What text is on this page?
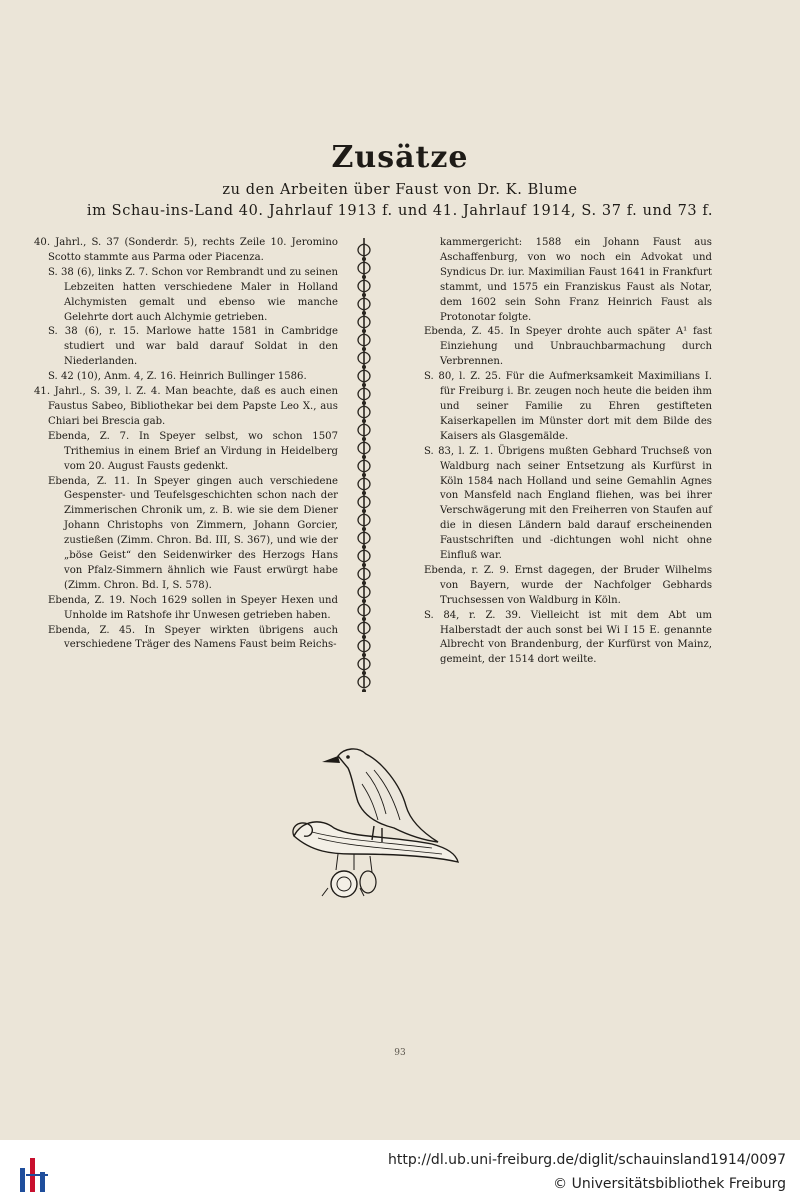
Zusätze
zu den Arbeiten über Faust von Dr. K. Blume
im Schau-ins-Land 40. Jahrlauf 1913 f. und 41. Jahrlauf 1914, S. 37 f. und 73 f.

40. Jahrl., S. 37 (Sonderdr. 5), rechts Zeile 10. Jeromino Scotto stammte aus Parma oder Piacenza.

S. 38 (6), links Z. 7. Schon vor Rembrandt und zu seinen Lebzeiten hatten verschiedene Maler in Holland Alchymisten gemalt und ebenso wie manche Gelehrte dort auch Alchymie getrieben.

S. 38 (6), r. 15. Marlowe hatte 1581 in Cambridge studiert und war bald darauf Soldat in den Niederlanden.

S. 42 (10), Anm. 4, Z. 16. Heinrich Bullinger 1586.

41. Jahrl., S. 39, l. Z. 4. Man beachte, daß es auch einen Faustus Sabeo, Bibliothekar bei dem Papste Leo X., aus Chiari bei Brescia gab.

Ebenda, Z. 7. In Speyer selbst, wo schon 1507 Trithemius in einem Brief an Virdung in Heidelberg vom 20. August Fausts gedenkt.

Ebenda, Z. 11. In Speyer gingen auch verschiedene Gespenster- und Teufelsgeschichten schon nach der Zimmerischen Chronik um, z. B. wie sie dem Diener Johann Christophs von Zimmern, Johann Gorcier, zustießen (Zimm. Chron. Bd. III, S. 367), und wie der „böse Geist“ den Seidenwirker des Herzogs Hans von Pfalz-Simmern ähnlich wie Faust erwürgt habe (Zimm. Chron. Bd. I, S. 578).

Ebenda, Z. 19. Noch 1629 sollen in Speyer Hexen und Unholde im Ratshofe ihr Unwesen getrieben haben.

Ebenda, Z. 45. In Speyer wirkten übrigens auch verschiedene Träger des Namens Faust beim Reichs-

kammergericht: 1588 ein Johann Faust aus Aschaffenburg, von wo noch ein Advokat und Syndicus Dr. iur. Maximilian Faust 1641 in Frankfurt stammt, und 1575 ein Franziskus Faust als Notar, dem 1602 sein Sohn Franz Heinrich Faust als Protonotar folgte.

Ebenda, Z. 45. In Speyer drohte auch später A¹ fast Einziehung und Unbrauchbarmachung durch Verbrennen.

S. 80, l. Z. 25. Für die Aufmerksamkeit Maximilians I. für Freiburg i. Br. zeugen noch heute die beiden ihm und seiner Familie zu Ehren gestifteten Kaiserkapellen im Münster dort mit dem Bilde des Kaisers als Glasgemälde.

S. 83, l. Z. 1. Übrigens mußten Gebhard Truchseß von Waldburg nach seiner Entsetzung als Kurfürst in Köln 1584 nach Holland und seine Gemahlin Agnes von Mansfeld nach England fliehen, was bei ihrer Verschwägerung mit den Freiherren von Staufen auf die in diesen Ländern bald darauf erscheinenden Faustschriften und -dichtungen wohl nicht ohne Einfluß war.

Ebenda, r. Z. 9. Ernst dagegen, der Bruder Wilhelms von Bayern, wurde der Nachfolger Gebhards Truchsessen von Waldburg in Köln.

S. 84, r. Z. 39. Vielleicht ist mit dem Abt um Halberstadt der auch sonst bei Wi I 15 E. genannte Albrecht von Brandenburg, der Kurfürst von Mainz, gemeint, der 1514 dort weilte.

93
http://dl.ub.uni-freiburg.de/diglit/schauinsland1914/0097
© Universitätsbibliothek Freiburg
